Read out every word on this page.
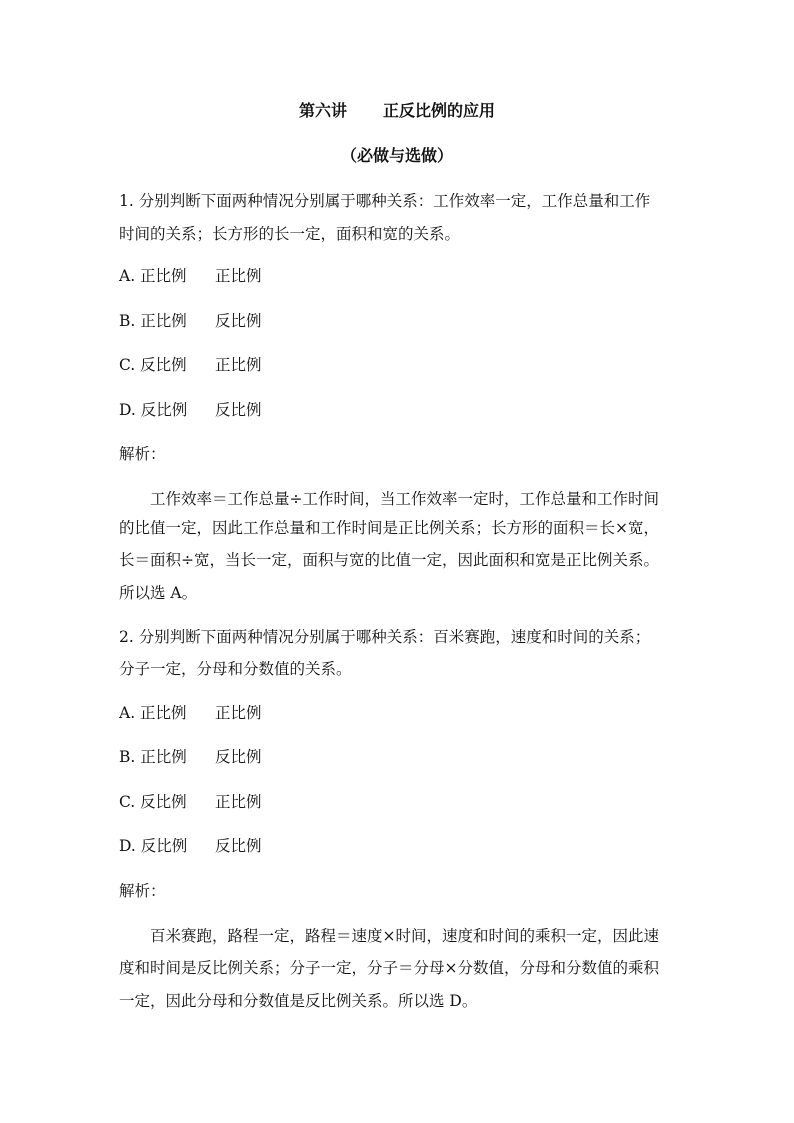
第六讲 正反比例的应用
（必做与选做）
1. 分别判断下面两种情况分别属于哪种关系：工作效率一定，工作总量和工作
时间的关系；长方形的长一定，面积和宽的关系。
A. 正比例 正比例
B. 正比例 反比例
C. 反比例 正比例
D. 反比例 反比例
解析：
工作效率＝工作总量÷工作时间，当工作效率一定时，工作总量和工作时间
的比值一定，因此工作总量和工作时间是正比例关系；长方形的面积＝长×宽，
长＝面积÷宽，当长一定，面积与宽的比值一定，因此面积和宽是正比例关系。
所以选 A。
2. 分别判断下面两种情况分别属于哪种关系：百米赛跑，速度和时间的关系；
分子一定，分母和分数值的关系。
A. 正比例 正比例
B. 正比例 反比例
C. 反比例 正比例
D. 反比例 反比例
解析：
百米赛跑，路程一定，路程＝速度×时间，速度和时间的乘积一定，因此速
度和时间是反比例关系；分子一定，分子＝分母×分数值，分母和分数值的乘积
一定，因此分母和分数值是反比例关系。所以选 D。
